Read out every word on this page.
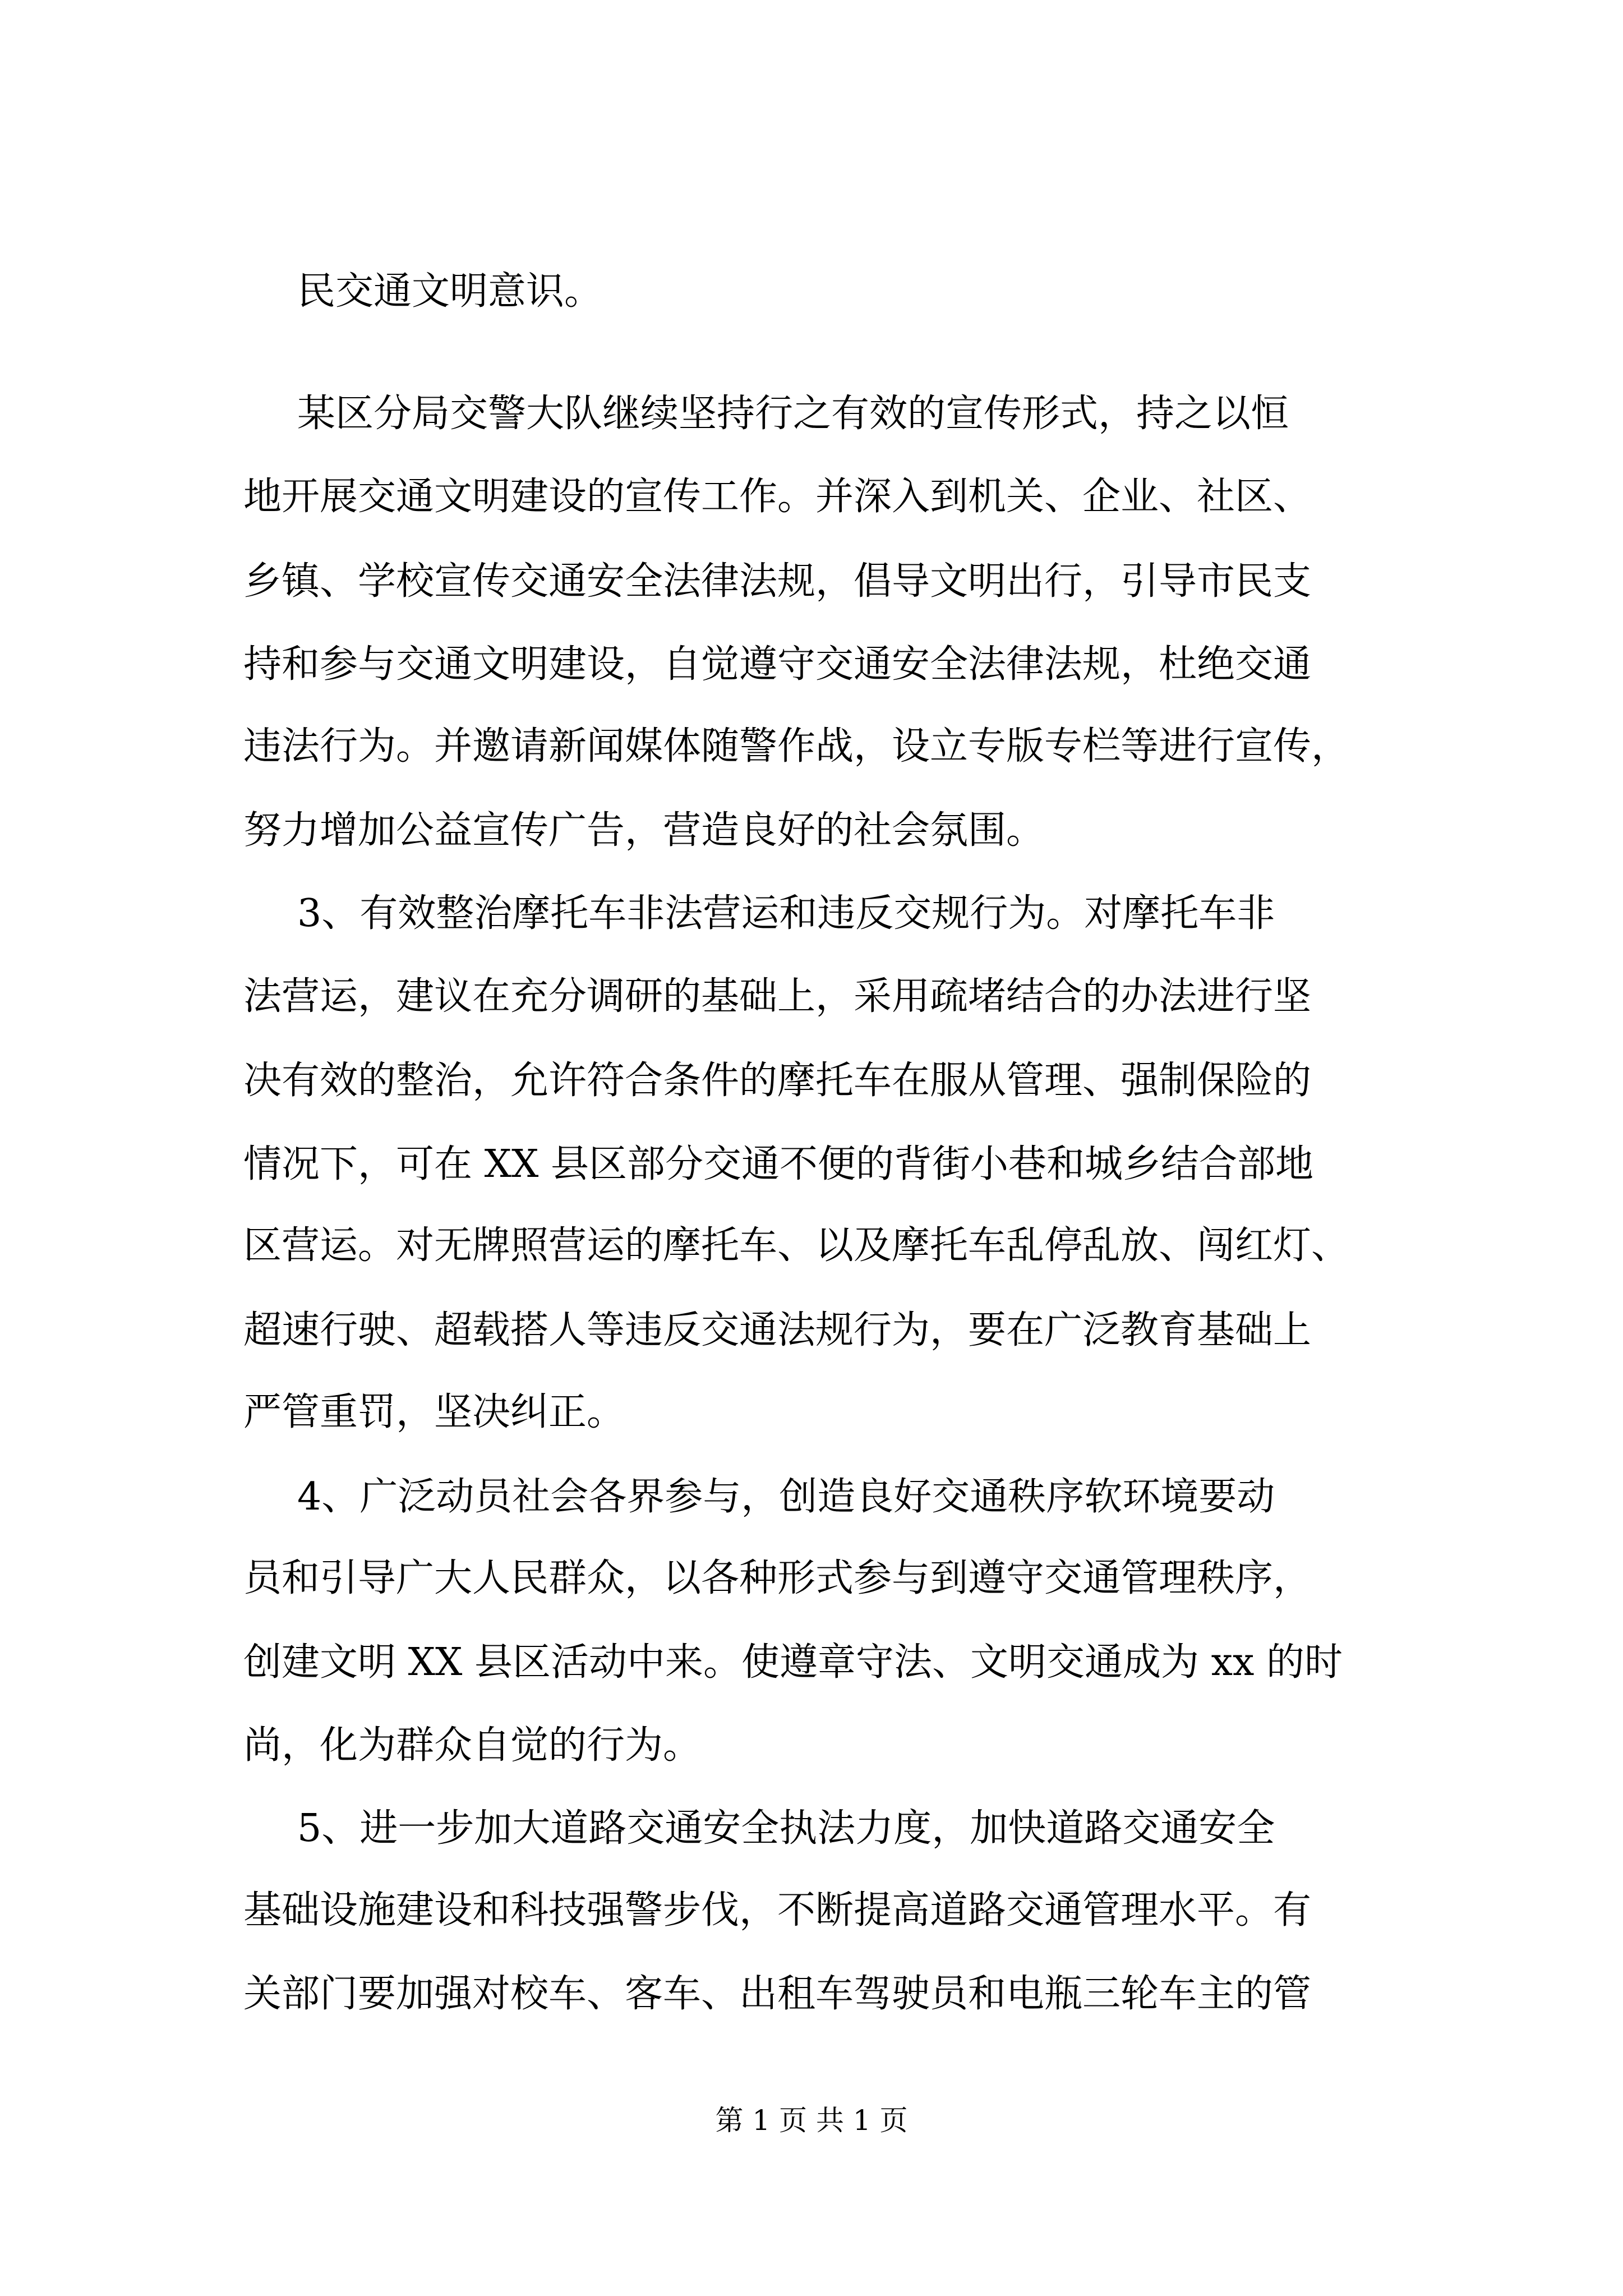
民交通文明意识。
某区分局交警大队继续坚持行之有效的宣传形式，持之以恒
地开展交通文明建设的宣传工作。并深入到机关、企业、社区、
乡镇、学校宣传交通安全法律法规，倡导文明出行，引导市民支
持和参与交通文明建设，自觉遵守交通安全法律法规，杜绝交通
违法行为。并邀请新闻媒体随警作战，设立专版专栏等进行宣传，
努力增加公益宣传广告，营造良好的社会氛围。
3、有效整治摩托车非法营运和违反交规行为。对摩托车非
法营运，建议在充分调研的基础上，采用疏堵结合的办法进行坚
决有效的整治，允许符合条件的摩托车在服从管理、强制保险的
情况下，可在 XX 县区部分交通不便的背街小巷和城乡结合部地
区营运。对无牌照营运的摩托车、以及摩托车乱停乱放、闯红灯、
超速行驶、超载搭人等违反交通法规行为，要在广泛教育基础上
严管重罚，坚决纠正。
4、广泛动员社会各界参与，创造良好交通秩序软环境要动
员和引导广大人民群众，以各种形式参与到遵守交通管理秩序，
创建文明 XX 县区活动中来。使遵章守法、文明交通成为 xx 的时
尚，化为群众自觉的行为。
5、进一步加大道路交通安全执法力度，加快道路交通安全
基础设施建设和科技强警步伐，不断提高道路交通管理水平。有
关部门要加强对校车、客车、出租车驾驶员和电瓶三轮车主的管
第 1 页 共 1 页
